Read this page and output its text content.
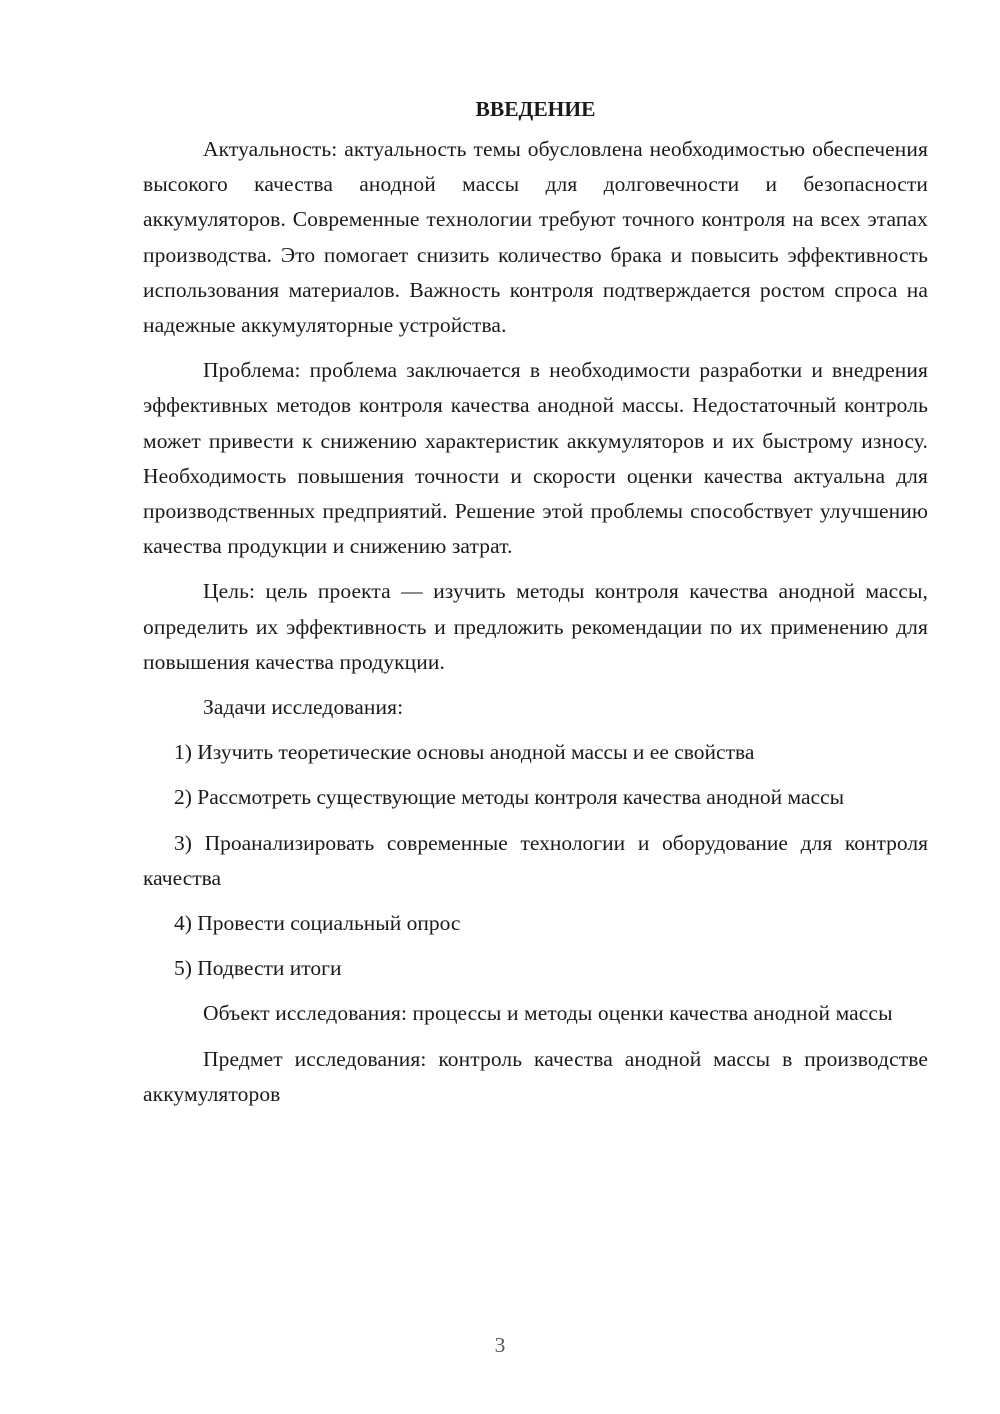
ВВЕДЕНИЕ

Актуальность: актуальность темы обусловлена необходимостью обеспечения высокого качества анодной массы для долговечности и безопасности аккумуляторов. Современные технологии требуют точного контроля на всех этапах производства. Это помогает снизить количество брака и повысить эффективность использования материалов. Важность контроля подтверждается ростом спроса на надежные аккумуляторные устройства.

Проблема: проблема заключается в необходимости разработки и внедрения эффективных методов контроля качества анодной массы. Недостаточный контроль может привести к снижению характеристик аккумуляторов и их быстрому износу. Необходимость повышения точности и скорости оценки качества актуальна для производственных предприятий. Решение этой проблемы способствует улучшению качества продукции и снижению затрат.

Цель: цель проекта — изучить методы контроля качества анодной массы, определить их эффективность и предложить рекомендации по их применению для повышения качества продукции.

Задачи исследования:

1) Изучить теоретические основы анодной массы и ее свойства

2) Рассмотреть существующие методы контроля качества анодной массы

3) Проанализировать современные технологии и оборудование для контроля качества

4) Провести социальный опрос

5) Подвести итоги

Объект исследования: процессы и методы оценки качества анодной массы

Предмет исследования: контроль качества анодной массы в производстве аккумуляторов

3
